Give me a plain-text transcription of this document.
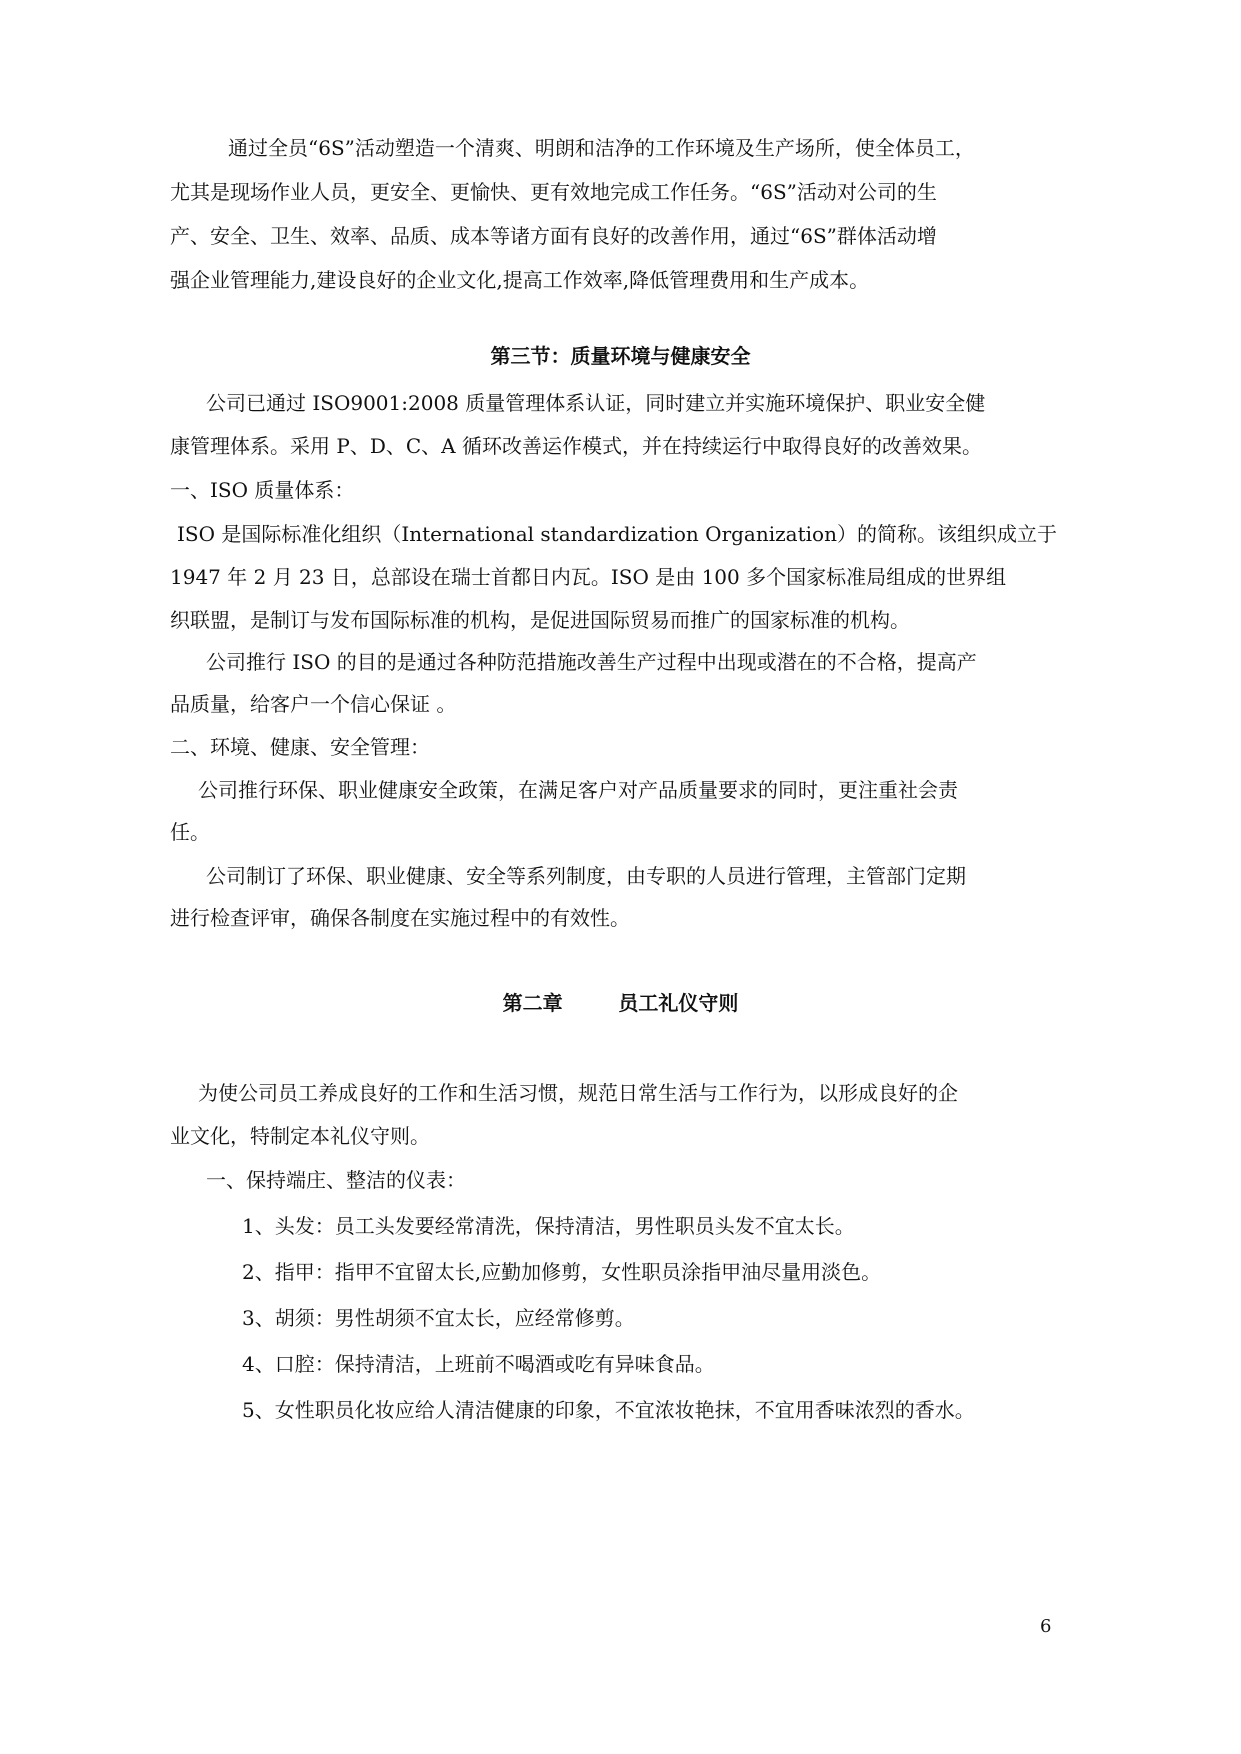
通过全员“6S”活动塑造一个清爽、明朗和洁净的工作环境及生产场所，使全体员工，
尤其是现场作业人员，更安全、更愉快、更有效地完成工作任务。“6S”活动对公司的生
产、安全、卫生、效率、品质、成本等诸方面有良好的改善作用，通过“6S”群体活动增
强企业管理能力,建设良好的企业文化,提高工作效率,降低管理费用和生产成本。
第三节：质量环境与健康安全
公司已通过 ISO9001:2008 质量管理体系认证，同时建立并实施环境保护、职业安全健
康管理体系。采用 P、D、C、A 循环改善运作模式，并在持续运行中取得良好的改善效果。
一、ISO 质量体系：
ISO 是国际标准化组织（International standardization Organization）的简称。该组织成立于
1947 年 2 月 23 日，总部设在瑞士首都日内瓦。ISO 是由 100 多个国家标准局组成的世界组
织联盟，是制订与发布国际标准的机构，是促进国际贸易而推广的国家标准的机构。
公司推行 ISO 的目的是通过各种防范措施改善生产过程中出现或潜在的不合格，提高产
品质量，给客户一个信心保证 。
二、环境、健康、安全管理：
公司推行环保、职业健康安全政策，在满足客户对产品质量要求的同时，更注重社会责
任。
公司制订了环保、职业健康、安全等系列制度，由专职的人员进行管理，主管部门定期
进行检查评审，确保各制度在实施过程中的有效性。
第二章        员工礼仪守则
为使公司员工养成良好的工作和生活习惯，规范日常生活与工作行为，以形成良好的企
业文化，特制定本礼仪守则。
一、保持端庄、整洁的仪表：
1、头发：员工头发要经常清洗，保持清洁，男性职员头发不宜太长。
2、指甲：指甲不宜留太长,应勤加修剪，女性职员涂指甲油尽量用淡色。
3、胡须：男性胡须不宜太长，应经常修剪。
4、口腔：保持清洁，上班前不喝酒或吃有异味食品。
5、女性职员化妆应给人清洁健康的印象，不宜浓妆艳抹，不宜用香味浓烈的香水。
6
